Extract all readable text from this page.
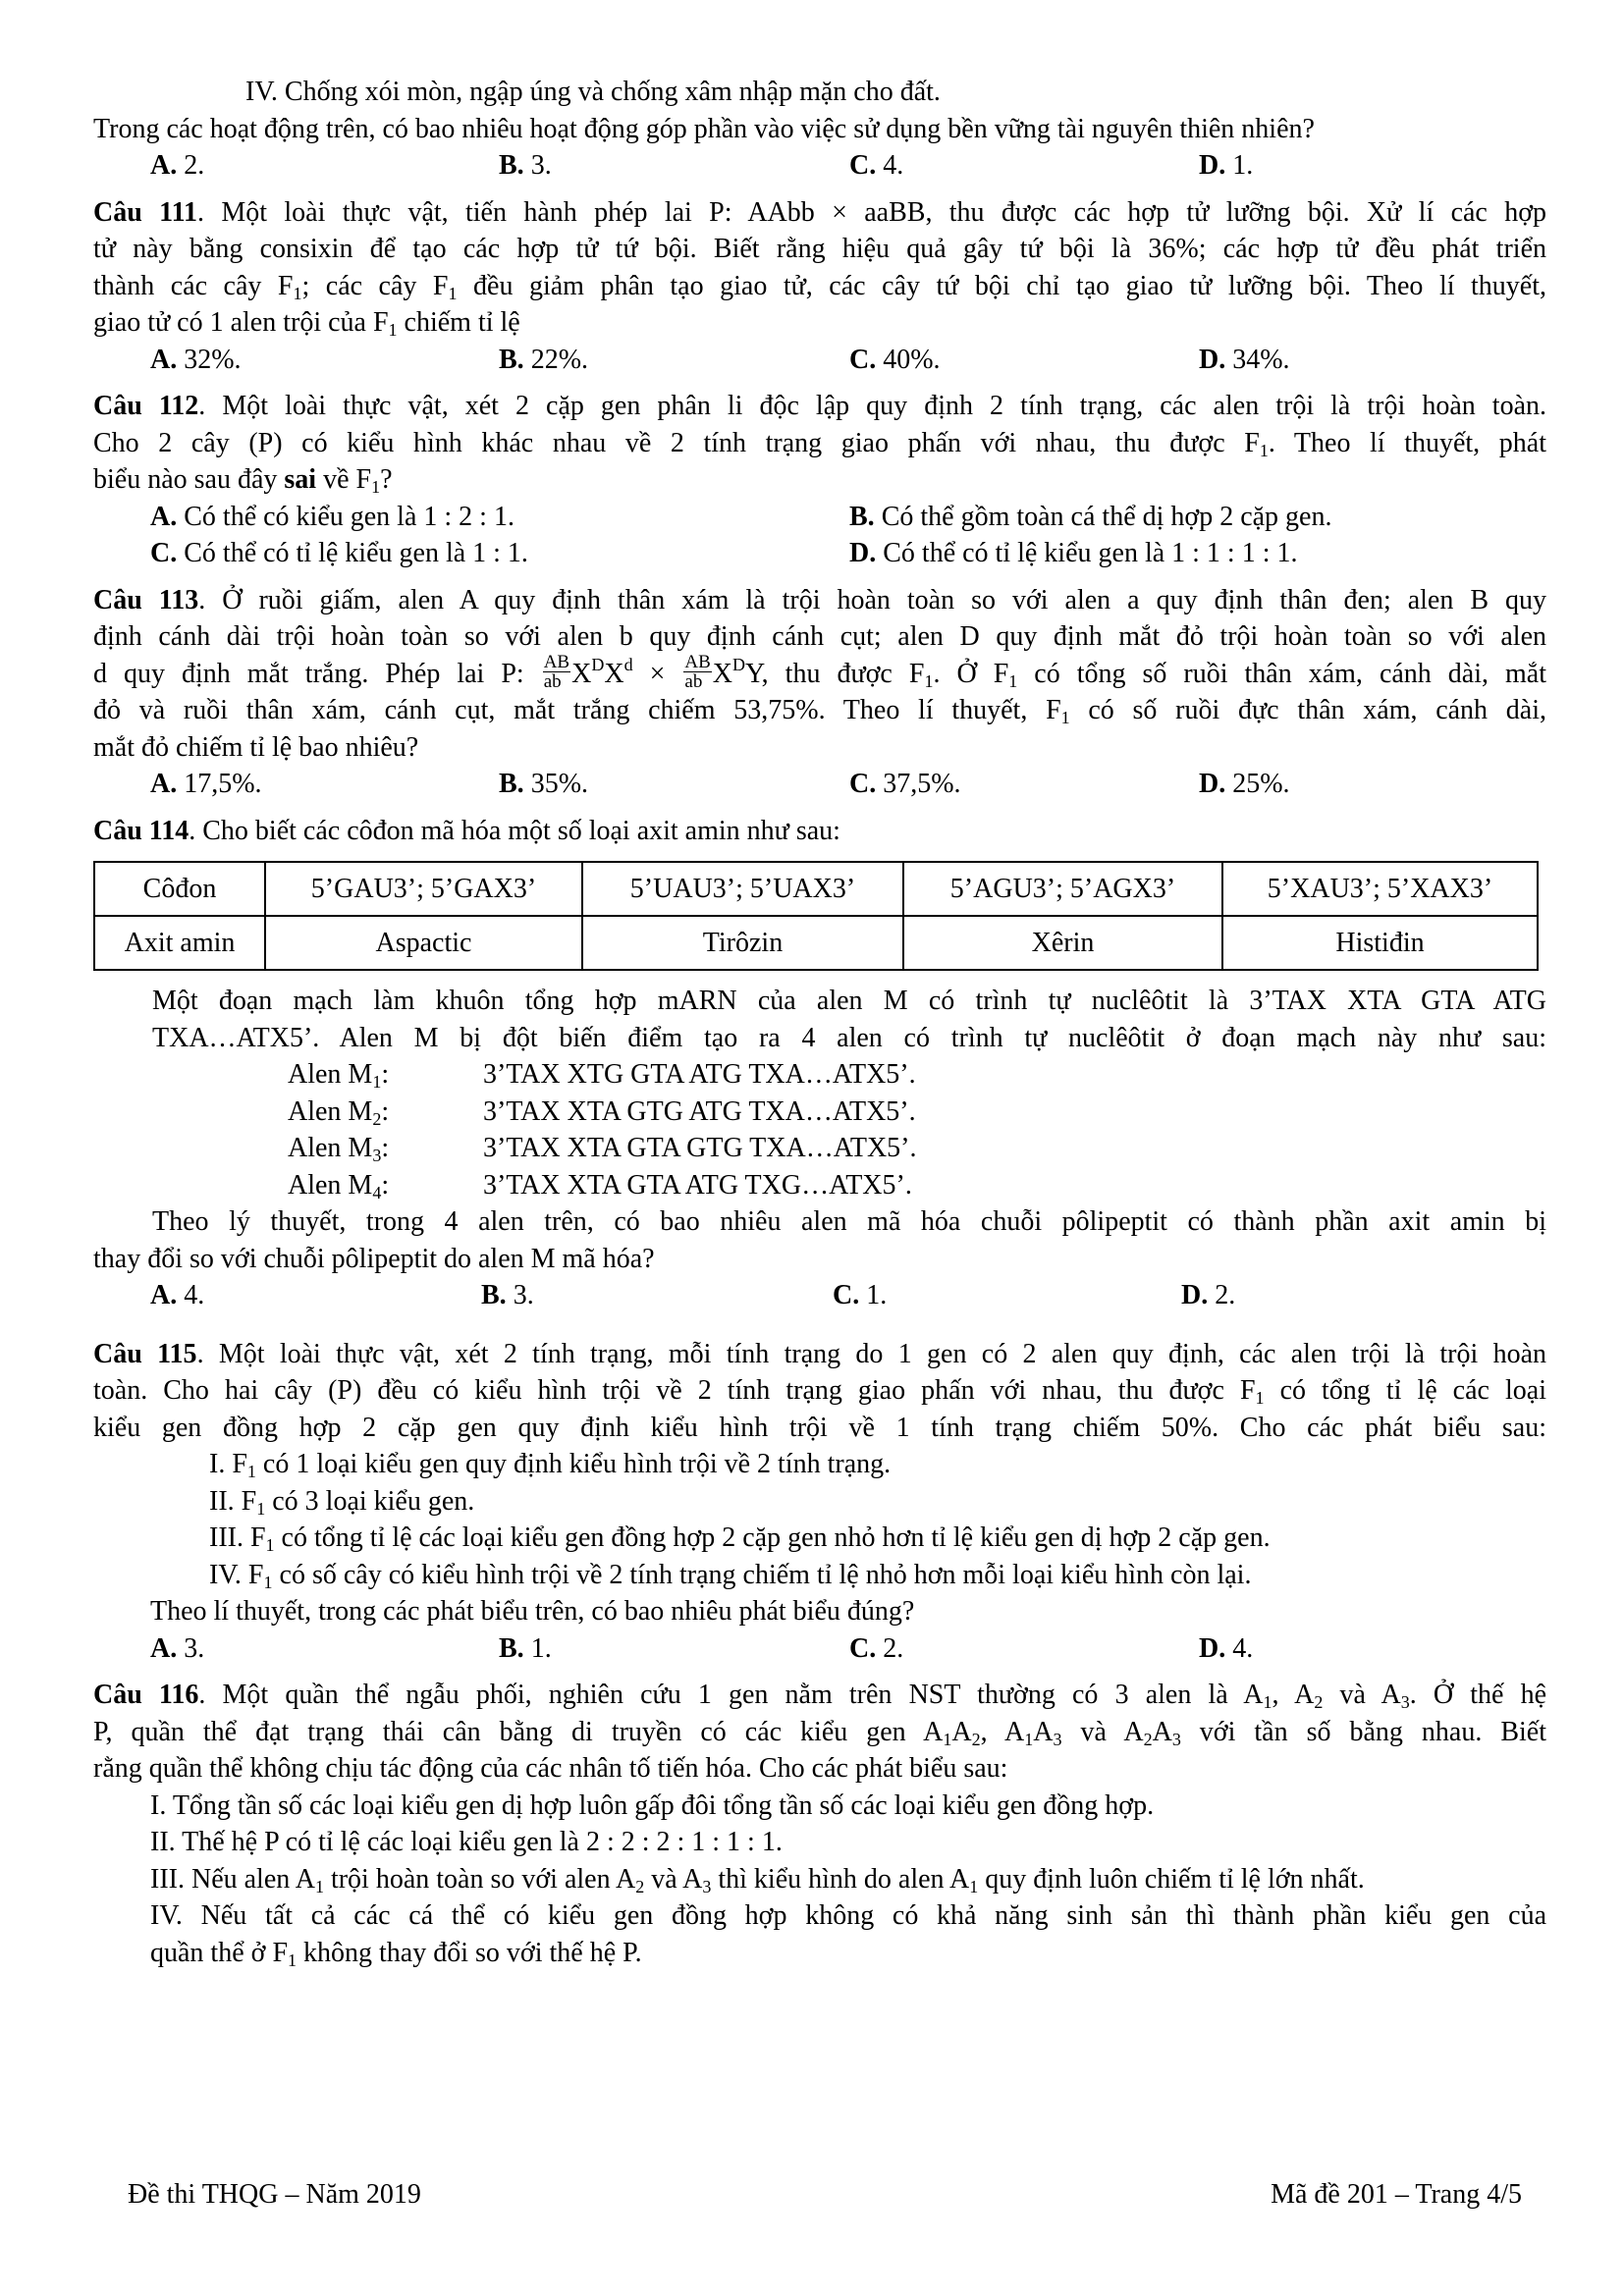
IV. Chống xói mòn, ngập úng và chống xâm nhập mặn cho đất.
Trong các hoạt động trên, có bao nhiêu hoạt động góp phần vào việc sử dụng bền vững tài nguyên thiên nhiên?
A. 2.	B. 3.	C. 4.	D. 1.
Câu 111. Một loài thực vật, tiến hành phép lai P: AAbb × aaBB, thu được các hợp tử lưỡng bội. Xử lí các hợp
tử này bằng consixin để tạo các hợp tử tứ bội. Biết rằng hiệu quả gây tứ bội là 36%; các hợp tử đều phát triển
thành các cây $F_1$; các cây $F_1$ đều giảm phân tạo giao tử, các cây tứ bội chỉ tạo giao tử lưỡng bội. Theo lí thuyết,
giao tử có 1 alen trội của $F_1$ chiếm tỉ lệ
A. 32%.	B. 22%.	C. 40%.	D. 34%.
Câu 112. Một loài thực vật, xét 2 cặp gen phân li độc lập quy định 2 tính trạng, các alen trội là trội hoàn toàn.
Cho 2 cây (P) có kiểu hình khác nhau về 2 tính trạng giao phấn với nhau, thu được $F_1$. Theo lí thuyết, phát
biểu nào sau đây sai về $F_1$?
A. Có thể có kiểu gen là 1 : 2 : 1.	B. Có thể gồm toàn cá thể dị hợp 2 cặp gen.
C. Có thể có tỉ lệ kiểu gen là 1 : 1.	D. Có thể có tỉ lệ kiểu gen là 1 : 1 : 1 : 1.
Câu 113. Ở ruồi giấm, alen A quy định thân xám là trội hoàn toàn so với alen a quy định thân đen; alen B quy
định cánh dài trội hoàn toàn so với alen b quy định cánh cụt; alen D quy định mắt đỏ trội hoàn toàn so với alen
d quy định mắt trắng. Phép lai P: $\frac{AB}{ab} X^DX^d \times \frac{AB}{ab} X^DY$, thu được $F_1$. Ở $F_1$ có tổng số ruồi thân xám, cánh dài, mắt
đỏ và ruồi thân xám, cánh cụt, mắt trắng chiếm 53,75%. Theo lí thuyết, $F_1$ có số ruồi đực thân xám, cánh dài,
mắt đỏ chiếm tỉ lệ bao nhiêu?
A. 17,5%.	B. 35%.	C. 37,5%.	D. 25%.
Câu 114. Cho biết các côđon mã hóa một số loại axit amin như sau:
Côđon	5’GAU3’; 5’GAX3’	5’UAU3’; 5’UAX3’	5’AGU3’; 5’AGX3’	5’XAU3’; 5’XAX3’
Axit amin	Aspactic	Tirôzin	Xêrin	Histiđin
Một đoạn mạch làm khuôn tổng hợp mARN của alen M có trình tự nuclêôtit là 3’TAX XTA GTA ATG
TXA…ATX5’. Alen M bị đột biến điểm tạo ra 4 alen có trình tự nuclêôtit ở đoạn mạch này như sau:
Alen $M_1$:	3’TAX XTG GTA ATG TXA…ATX5’.
Alen $M_2$:	3’TAX XTA GTG ATG TXA…ATX5’.
Alen $M_3$:	3’TAX XTA GTA GTG TXA…ATX5’.
Alen $M_4$:	3’TAX XTA GTA ATG TXG…ATX5’.
Theo lý thuyết, trong 4 alen trên, có bao nhiêu alen mã hóa chuỗi pôlipeptit có thành phần axit amin bị
thay đổi so với chuỗi pôlipeptit do alen M mã hóa?
A. 4.	B. 3.	C. 1.	D. 2.
Câu 115. Một loài thực vật, xét 2 tính trạng, mỗi tính trạng do 1 gen có 2 alen quy định, các alen trội là trội hoàn
toàn. Cho hai cây (P) đều có kiểu hình trội về 2 tính trạng giao phấn với nhau, thu được $F_1$ có tổng tỉ lệ các loại
kiểu gen đồng hợp 2 cặp gen quy định kiểu hình trội về 1 tính trạng chiếm 50%. Cho các phát biểu sau:
I. $F_1$ có 1 loại kiểu gen quy định kiểu hình trội về 2 tính trạng.
II. $F_1$ có 3 loại kiểu gen.
III. $F_1$ có tổng tỉ lệ các loại kiểu gen đồng hợp 2 cặp gen nhỏ hơn tỉ lệ kiểu gen dị hợp 2 cặp gen.
IV. $F_1$ có số cây có kiểu hình trội về 2 tính trạng chiếm tỉ lệ nhỏ hơn mỗi loại kiểu hình còn lại.
Theo lí thuyết, trong các phát biểu trên, có bao nhiêu phát biểu đúng?
A. 3.	B. 1.	C. 2.	D. 4.
Câu 116. Một quần thể ngẫu phối, nghiên cứu 1 gen nằm trên NST thường có 3 alen là $A_1$, $A_2$ và $A_3$. Ở thế hệ
P, quần thể đạt trạng thái cân bằng di truyền có các kiểu gen $A_1A_2$, $A_1A_3$ và $A_2A_3$ với tần số bằng nhau. Biết
rằng quần thể không chịu tác động của các nhân tố tiến hóa. Cho các phát biểu sau:
I. Tổng tần số các loại kiểu gen dị hợp luôn gấp đôi tổng tần số các loại kiểu gen đồng hợp.
II. Thế hệ P có tỉ lệ các loại kiểu gen là 2 : 2 : 2 : 1 : 1 : 1.
III. Nếu alen $A_1$ trội hoàn toàn so với alen $A_2$ và $A_3$ thì kiểu hình do alen $A_1$ quy định luôn chiếm tỉ lệ lớn nhất.
IV. Nếu tất cả các cá thể có kiểu gen đồng hợp không có khả năng sinh sản thì thành phần kiểu gen của
quần thể ở $F_1$ không thay đổi so với thế hệ P.
Đề thi THQG – Năm 2019	Mã đề 201 – Trang 4/5
